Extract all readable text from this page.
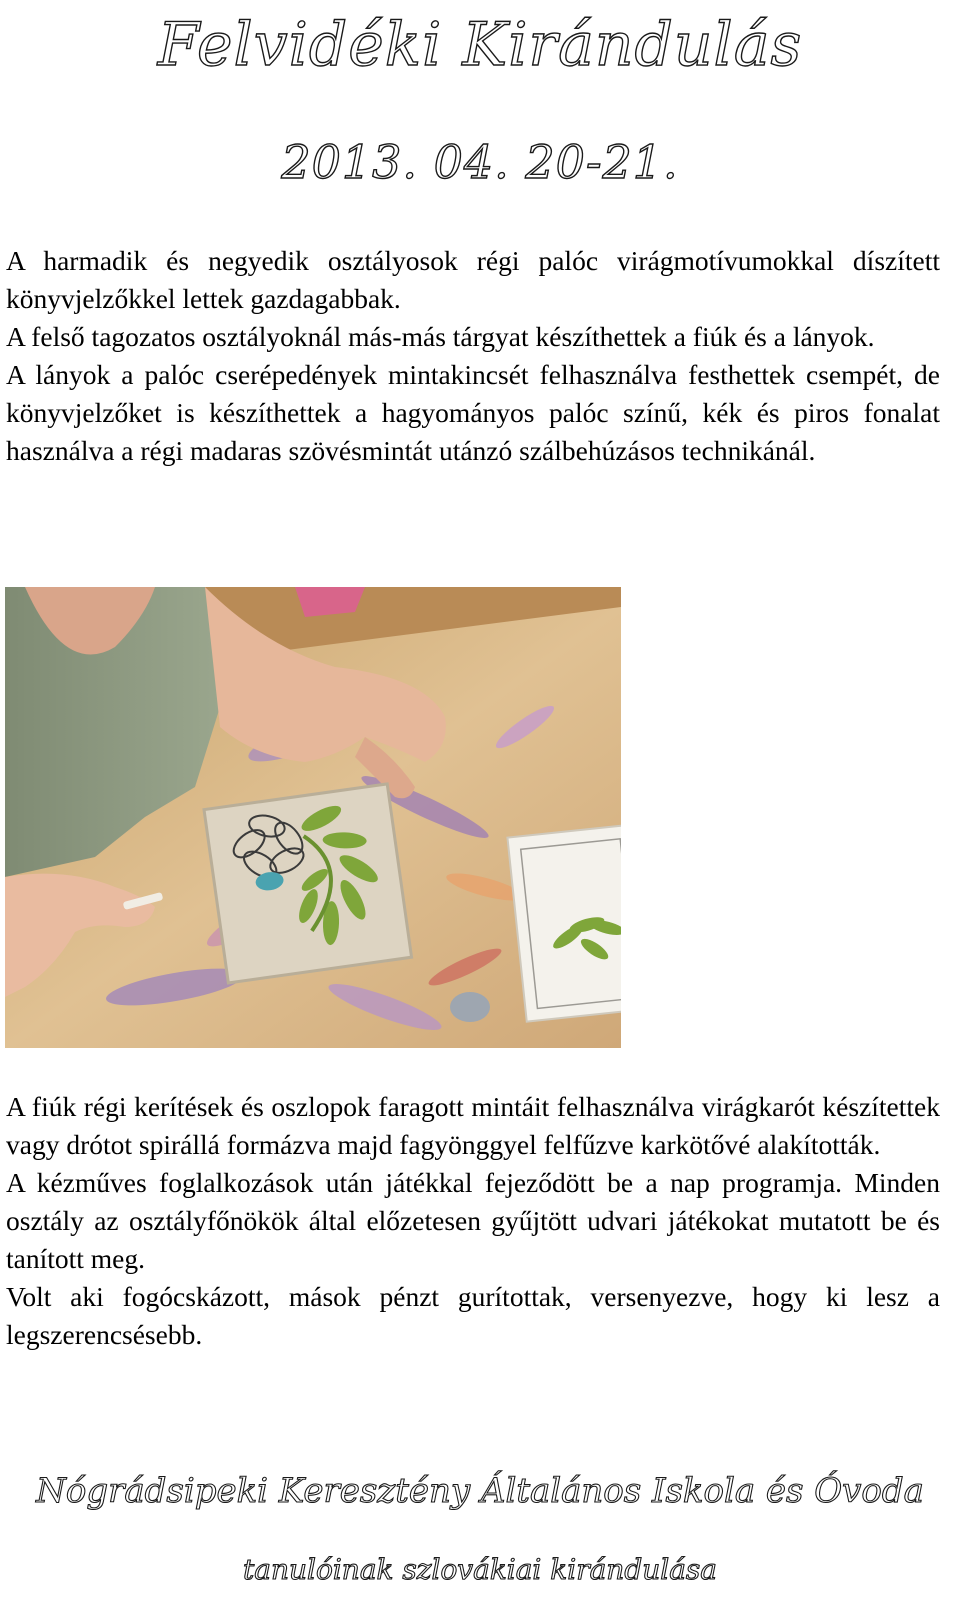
Felvidéki Kirándulás
2013. 04. 20-21.

A harmadik és negyedik osztályosok régi palóc virágmotívumokkal díszített könyvjelzőkkel lettek gazdagabbak.

A felső tagozatos osztályoknál más-más tárgyat készíthettek a fiúk és a lányok.

A lányok a palóc cserépedények mintakincsét felhasználva festhettek csempét, de könyvjelzőket is készíthettek a hagyományos palóc színű, kék és piros fonalat használva a régi madaras szövésmintát utánzó szálbehúzásos technikánál.

A fiúk régi kerítések és oszlopok faragott mintáit felhasználva virágkarót készítettek vagy drótot spirállá formázva majd fagyönggyel felfűzve karkötővé alakították.

A kézműves foglalkozások után játékkal fejeződött be a nap programja. Minden osztály az osztályfőnökök által előzetesen gyűjtött udvari játékokat mutatott be és tanított meg.

Volt aki fogócskázott, mások pénzt gurítottak, versenyezve, hogy ki lesz a legszerencsésebb.

Nógrádsipeki Keresztény Általános Iskola és Óvoda
tanulóinak szlovákiai kirándulása
